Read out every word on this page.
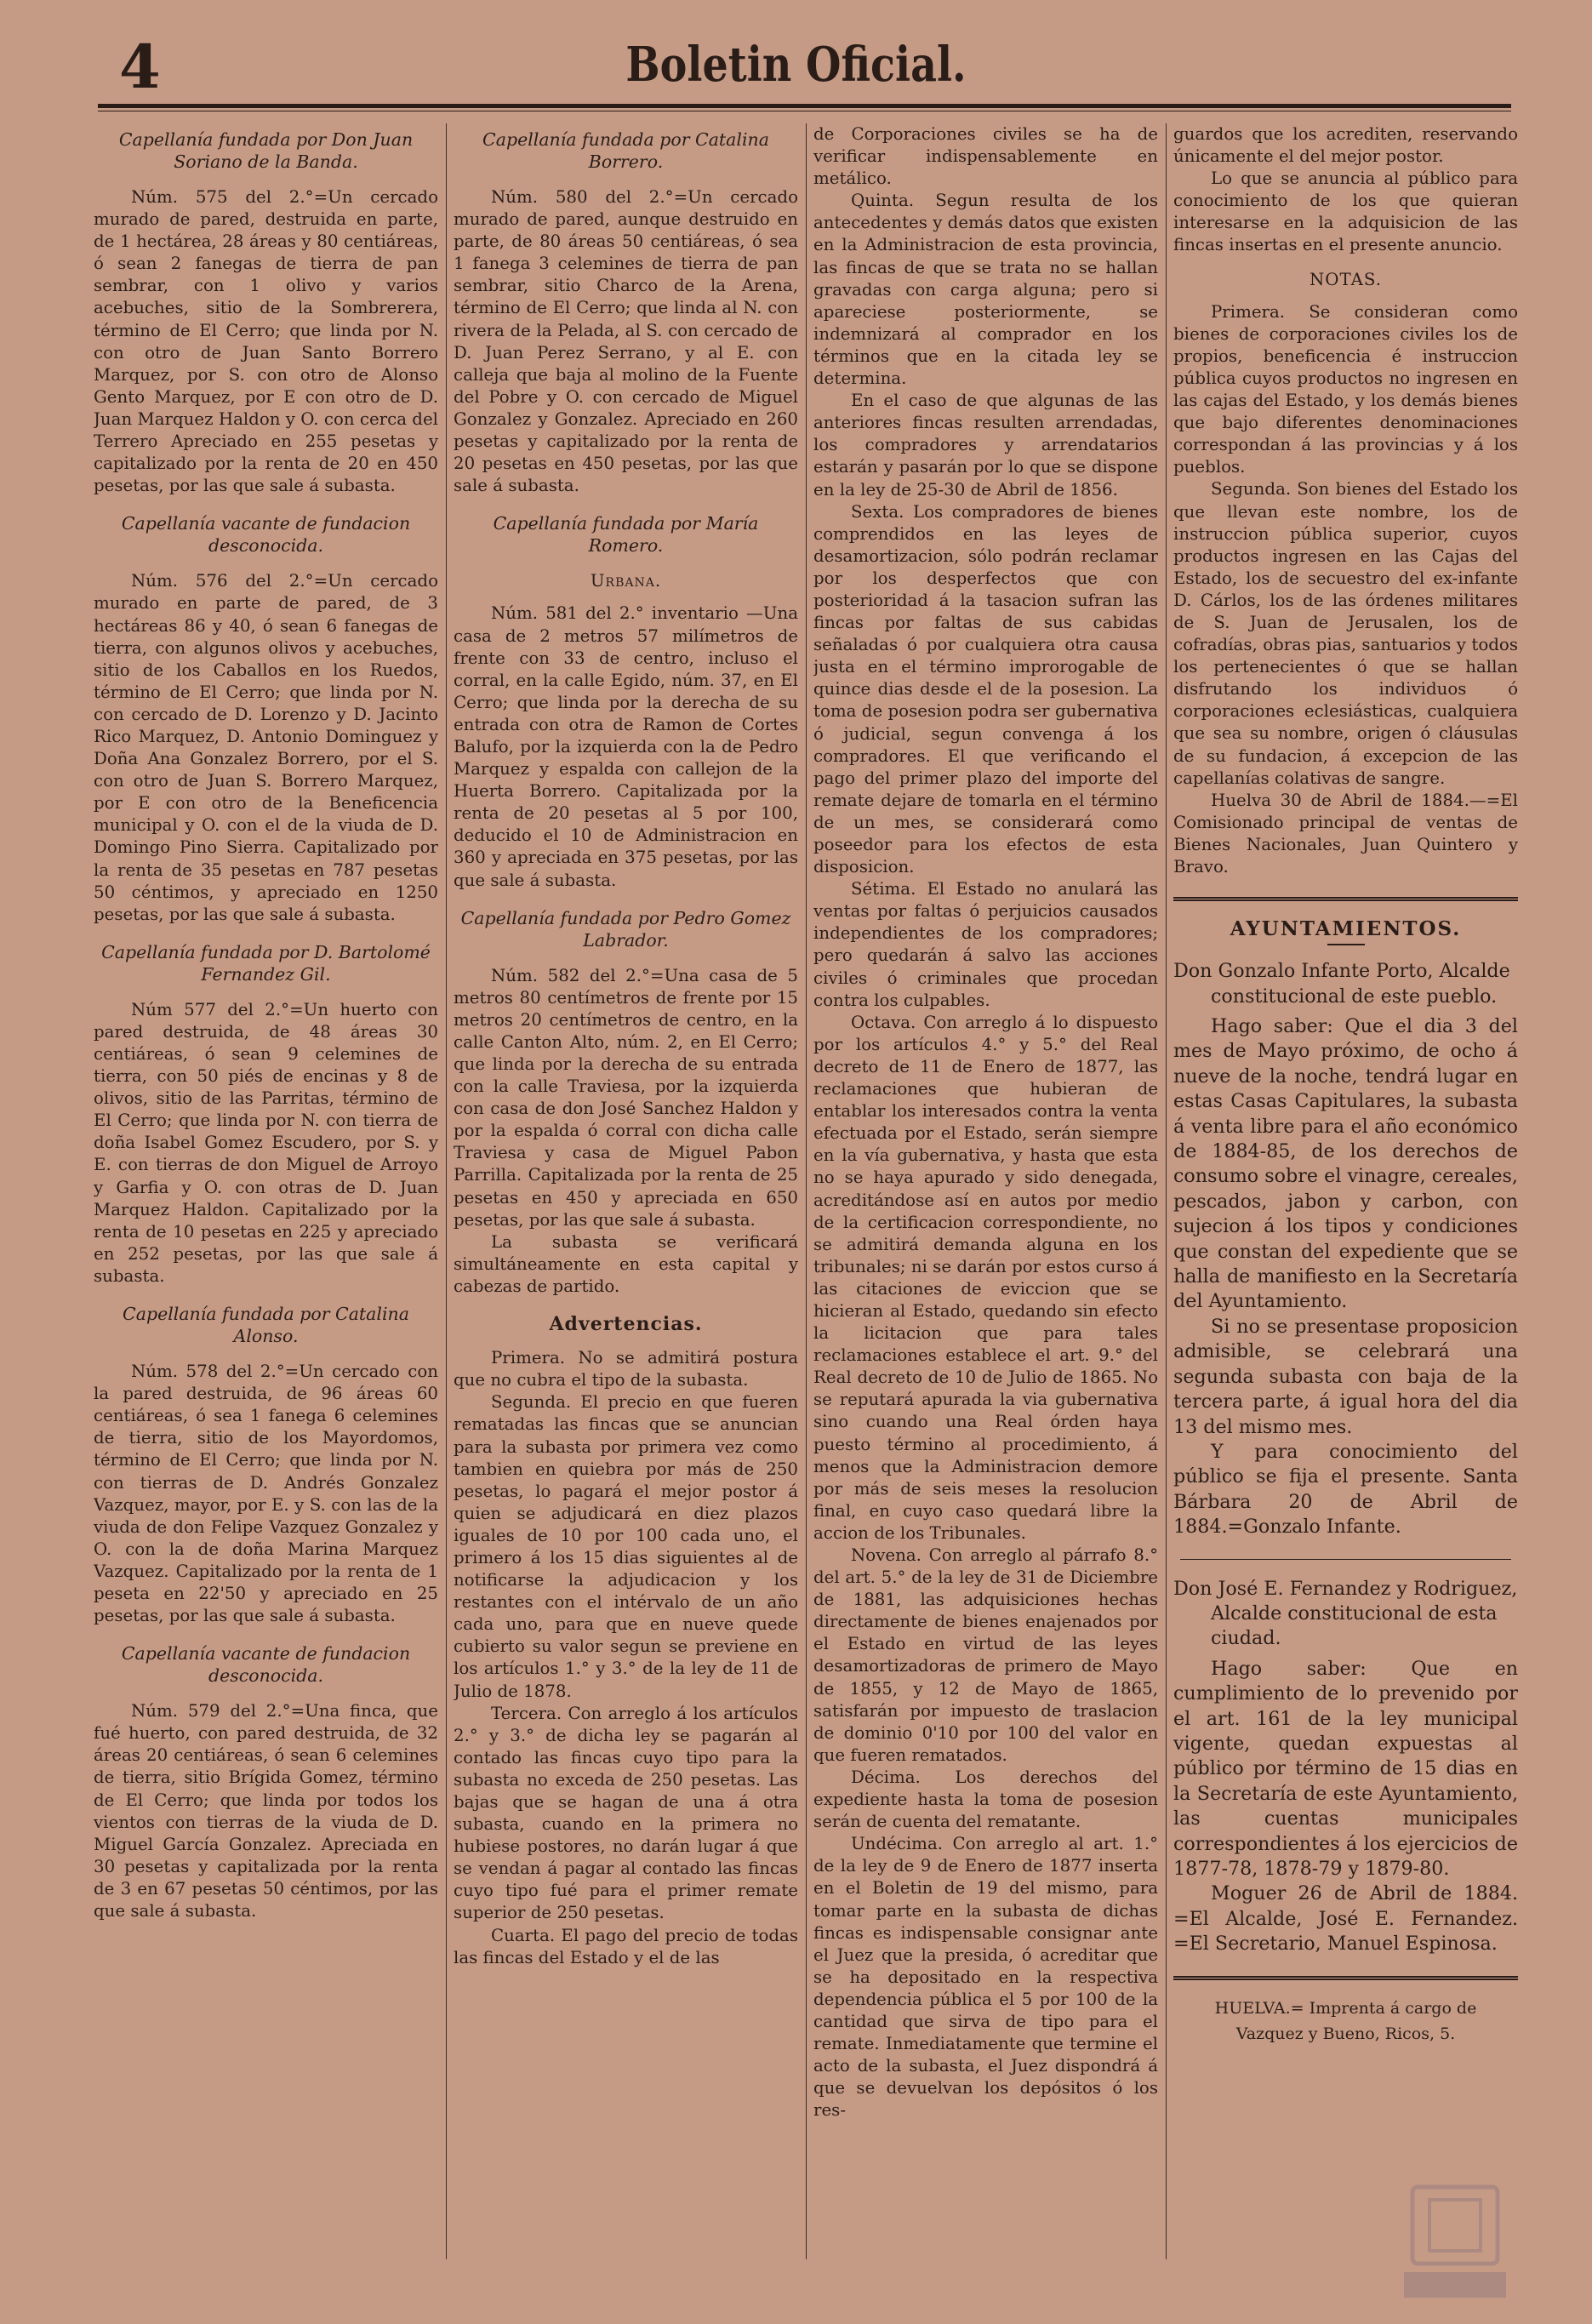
4	Boletin Oficial.
Capellanía fundada por Don Juan Soriano de la Banda.

Núm. 575 del 2.°=Un cercado murado de pared, destruida en parte, de 1 hectárea, 28 áreas y 80 centiáreas, ó sean 2 fanegas de tierra de pan sembrar, con 1 olivo y varios acebuches, sitio de la Sombrerera, término de El Cerro; que linda por N. con otro de Juan Santo Borrero Marquez, por S. con otro de Alonso Gento Marquez, por E con otro de D. Juan Marquez Haldon y O. con cerca del Terrero Apreciado en 255 pesetas y capitalizado por la renta de 20 en 450 pesetas, por las que sale á subasta.

Capellanía vacante de fundacion desconocida.

Núm. 576 del 2.°=Un cercado murado en parte de pared, de 3 hectáreas 86 y 40, ó sean 6 fanegas de tierra, con algunos olivos y acebuches, sitio de los Caballos en los Ruedos, término de El Cerro; que linda por N. con cercado de D. Lorenzo y D. Jacinto Rico Marquez, D. Antonio Dominguez y Doña Ana Gonzalez Borrero, por el S. con otro de Juan S. Borrero Marquez, por E con otro de la Beneficencia municipal y O. con el de la viuda de D. Domingo Pino Sierra. Capitalizado por la renta de 35 pesetas en 787 pesetas 50 céntimos, y apreciado en 1250 pesetas, por las que sale á subasta.

Capellanía fundada por D. Bartolomé Fernandez Gil.

Núm 577 del 2.°=Un huerto con pared destruida, de 48 áreas 30 centiáreas, ó sean 9 celemines de tierra, con 50 piés de encinas y 8 de olivos, sitio de las Parritas, término de El Cerro; que linda por N. con tierra de doña Isabel Gomez Escudero, por S. y E. con tierras de don Miguel de Arroyo y Garfia y O. con otras de D. Juan Marquez Haldon. Capitalizado por la renta de 10 pesetas en 225 y apreciado en 252 pesetas, por las que sale á subasta.

Capellanía fundada por Catalina Alonso.

Núm. 578 del 2.°=Un cercado con la pared destruida, de 96 áreas 60 centiáreas, ó sea 1 fanega 6 celemines de tierra, sitio de los Mayordomos, término de El Cerro; que linda por N. con tierras de D. Andrés Gonzalez Vazquez, mayor, por E. y S. con las de la viuda de don Felipe Vazquez Gonzalez y O. con la de doña Marina Marquez Vazquez. Capitalizado por la renta de 1 peseta en 22'50 y apreciado en 25 pesetas, por las que sale á subasta.

Capellanía vacante de fundacion desconocida.

Núm. 579 del 2.°=Una finca, que fué huerto, con pared destruida, de 32 áreas 20 centiáreas, ó sean 6 celemines de tierra, sitio Brígida Gomez, término de El Cerro; que linda por todos los vientos con tierras de la viuda de D. Miguel García Gonzalez. Apreciada en 30 pesetas y capitalizada por la renta de 3 en 67 pesetas 50 céntimos, por las que sale á subasta.

Capellanía fundada por Catalina Borrero.

Núm. 580 del 2.°=Un cercado murado de pared, aunque destruido en parte, de 80 áreas 50 centiáreas, ó sea 1 fanega 3 celemines de tierra de pan sembrar, sitio Charco de la Arena, término de El Cerro; que linda al N. con rivera de la Pelada, al S. con cercado de D. Juan Perez Serrano, y al E. con calleja que baja al molino de la Fuente del Pobre y O. con cercado de Miguel Gonzalez y Gonzalez. Apreciado en 260 pesetas y capitalizado por la renta de 20 pesetas en 450 pesetas, por las que sale á subasta.

Capellanía fundada por María Romero.
Urbana.

Núm. 581 del 2.° inventario —Una casa de 2 metros 57 milímetros de frente con 33 de centro, incluso el corral, en la calle Egido, núm. 37, en El Cerro; que linda por la derecha de su entrada con otra de Ramon de Cortes Balufo, por la izquierda con la de Pedro Marquez y espalda con callejon de la Huerta Borrero. Capitalizada por la renta de 20 pesetas al 5 por 100, deducido el 10 de Administracion en 360 y apreciada en 375 pesetas, por las que sale á subasta.

Capellanía fundada por Pedro Gomez Labrador.

Núm. 582 del 2.°=Una casa de 5 metros 80 centímetros de frente por 15 metros 20 centímetros de centro, en la calle Canton Alto, núm. 2, en El Cerro; que linda por la derecha de su entrada con la calle Traviesa, por la izquierda con casa de don José Sanchez Haldon y por la espalda ó corral con dicha calle Traviesa y casa de Miguel Pabon Parrilla. Capitalizada por la renta de 25 pesetas en 450 y apreciada en 650 pesetas, por las que sale á subasta.

La subasta se verificará simultáneamente en esta capital y cabezas de partido.

Advertencias.

Primera. No se admitirá postura que no cubra el tipo de la subasta.

Segunda. El precio en que fueren rematadas las fincas que se anuncian para la subasta por primera vez como tambien en quiebra por más de 250 pesetas, lo pagará el mejor postor á quien se adjudicará en diez plazos iguales de 10 por 100 cada uno, el primero á los 15 dias siguientes al de notificarse la adjudicacion y los restantes con el intérvalo de un año cada uno, para que en nueve quede cubierto su valor segun se previene en los artículos 1.° y 3.° de la ley de 11 de Julio de 1878.

Tercera. Con arreglo á los artículos 2.° y 3.° de dicha ley se pagarán al contado las fincas cuyo tipo para la subasta no exceda de 250 pesetas. Las bajas que se hagan de una á otra subasta, cuando en la primera no hubiese postores, no darán lugar á que se vendan á pagar al contado las fincas cuyo tipo fué para el primer remate superior de 250 pesetas.

Cuarta. El pago del precio de todas las fincas del Estado y el de las

de Corporaciones civiles se ha de verificar indispensablemente en metálico.

Quinta. Segun resulta de los antecedentes y demás datos que existen en la Administracion de esta provincia, las fincas de que se trata no se hallan gravadas con carga alguna; pero si apareciese posteriormente, se indemnizará al comprador en los términos que en la citada ley se determina.

En el caso de que algunas de las anteriores fincas resulten arrendadas, los compradores y arrendatarios estarán y pasarán por lo que se dispone en la ley de 25-30 de Abril de 1856.

Sexta. Los compradores de bienes comprendidos en las leyes de desamortizacion, sólo podrán reclamar por los desperfectos que con posterioridad á la tasacion sufran las fincas por faltas de sus cabidas señaladas ó por cualquiera otra causa justa en el término improrogable de quince dias desde el de la posesion. La toma de posesion podra ser gubernativa ó judicial, segun convenga á los compradores. El que verificando el pago del primer plazo del importe del remate dejare de tomarla en el término de un mes, se considerará como poseedor para los efectos de esta disposicion.

Sétima. El Estado no anulará las ventas por faltas ó perjuicios causados independientes de los compradores; pero quedarán á salvo las acciones civiles ó criminales que procedan contra los culpables.

Octava. Con arreglo á lo dispuesto por los artículos 4.° y 5.° del Real decreto de 11 de Enero de 1877, las reclamaciones que hubieran de entablar los interesados contra la venta efectuada por el Estado, serán siempre en la vía gubernativa, y hasta que esta no se haya apurado y sido denegada, acreditándose así en autos por medio de la certificacion correspondiente, no se admitirá demanda alguna en los tribunales; ni se darán por estos curso á las citaciones de eviccion que se hicieran al Estado, quedando sin efecto la licitacion que para tales reclamaciones establece el art. 9.° del Real decreto de 10 de Julio de 1865. No se reputará apurada la via gubernativa sino cuando una Real órden haya puesto término al procedimiento, á menos que la Administracion demore por más de seis meses la resolucion final, en cuyo caso quedará libre la accion de los Tribunales.

Novena. Con arreglo al párrafo 8.° del art. 5.° de la ley de 31 de Diciembre de 1881, las adquisiciones hechas directamente de bienes enajenados por el Estado en virtud de las leyes desamortizadoras de primero de Mayo de 1855, y 12 de Mayo de 1865, satisfarán por impuesto de traslacion de dominio 0'10 por 100 del valor en que fueren rematados.

Décima. Los derechos del expediente hasta la toma de posesion serán de cuenta del rematante.

Undécima. Con arreglo al art. 1.° de la ley de 9 de Enero de 1877 inserta en el Boletin de 19 del mismo, para tomar parte en la subasta de dichas fincas es indispensable consignar ante el Juez que la presida, ó acreditar que se ha depositado en la respectiva dependencia pública el 5 por 100 de la cantidad que sirva de tipo para el remate. Inmediatamente que termine el acto de la subasta, el Juez dispondrá á que se devuelvan los depósitos ó los res-

guardos que los acrediten, reservando únicamente el del mejor postor.

Lo que se anuncia al público para conocimiento de los que quieran interesarse en la adquisicion de las fincas insertas en el presente anuncio.

NOTAS.

Primera. Se consideran como bienes de corporaciones civiles los de propios, beneficencia é instruccion pública cuyos productos no ingresen en las cajas del Estado, y los demás bienes que bajo diferentes denominaciones correspondan á las provincias y á los pueblos.

Segunda. Son bienes del Estado los que llevan este nombre, los de instruccion pública superior, cuyos productos ingresen en las Cajas del Estado, los de secuestro del ex-infante D. Cárlos, los de las órdenes militares de S. Juan de Jerusalen, los de cofradías, obras pias, santuarios y todos los pertenecientes ó que se hallan disfrutando los individuos ó corporaciones eclesiásticas, cualquiera que sea su nombre, origen ó cláusulas de su fundacion, á excepcion de las capellanías colativas de sangre.

Huelva 30 de Abril de 1884.—=El Comisionado principal de ventas de Bienes Nacionales, Juan Quintero y Bravo.

AYUNTAMIENTOS.

Don Gonzalo Infante Porto, Alcalde constitucional de este pueblo.

Hago saber: Que el dia 3 del mes de Mayo próximo, de ocho á nueve de la noche, tendrá lugar en estas Casas Capitulares, la subasta á venta libre para el año económico de 1884-85, de los derechos de consumo sobre el vinagre, cereales, pescados, jabon y carbon, con sujecion á los tipos y condiciones que constan del expediente que se halla de manifiesto en la Secretaría del Ayuntamiento.

Si no se presentase proposicion admisible, se celebrará una segunda subasta con baja de la tercera parte, á igual hora del dia 13 del mismo mes.

Y para conocimiento del público se fija el presente. Santa Bárbara 20 de Abril de 1884.=Gonzalo Infante.

Don José E. Fernandez y Rodriguez, Alcalde constitucional de esta ciudad.

Hago saber: Que en cumplimiento de lo prevenido por el art. 161 de la ley municipal vigente, quedan expuestas al público por término de 15 dias en la Secretaría de este Ayuntamiento, las cuentas municipales correspondientes á los ejercicios de 1877-78, 1878-79 y 1879-80.

Moguer 26 de Abril de 1884. =El Alcalde, José E. Fernandez. =El Secretario, Manuel Espinosa.

HUELVA.= Imprenta á cargo de
Vazquez y Bueno, Ricos, 5.
